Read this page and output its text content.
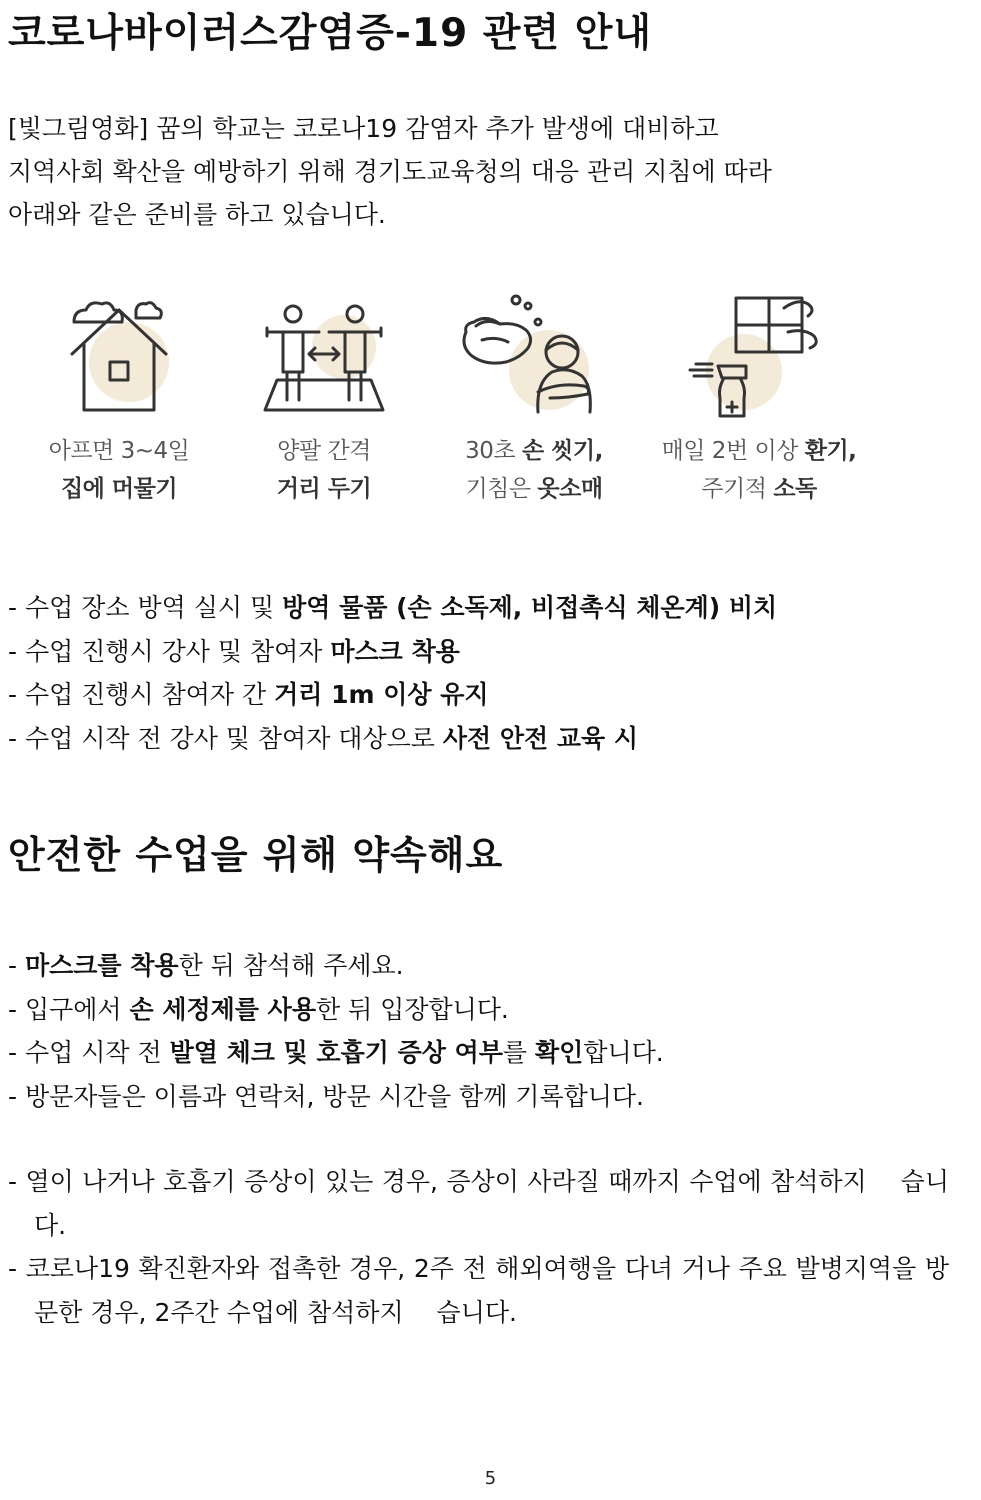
코로나바이러스감염증-19 관련 안내
[빛그림영화] 꿈의 학교는 코로나19 감염자 추가 발생에 대비하고
지역사회 확산을 예방하기 위해 경기도교육청의 대응 관리 지침에 따라
아래와 같은 준비를 하고 있습니다.
아프면 3~4일
집에 머물기
양팔 간격
거리 두기
30초 손 씻기,
기침은 옷소매
매일 2번 이상 환기,
주기적 소독
- 수업 장소 방역 실시 및 방역 물품 (손 소독제, 비접촉식 체온계) 비치
- 수업 진행시 강사 및 참여자 마스크 착용
- 수업 진행시 참여자 간 거리 1m 이상 유지
- 수업 시작 전 강사 및 참여자 대상으로 사전 안전 교육 시
안전한 수업을 위해 약속해요
- 마스크를 착용한 뒤 참석해 주세요.
- 입구에서 손 세정제를 사용한 뒤 입장합니다.
- 수업 시작 전 발열 체크 및 호흡기 증상 여부를 확인합니다.
- 방문자들은 이름과 연락처, 방문 시간을 함께 기록합니다.

- 열이 나거나 호흡기 증상이 있는 경우, 증상이 사라질 때까지 수업에 참석하지 　습니다.

- 코로나19 확진환자와 접촉한 경우, 2주 전 해외여행을 다녀 거나 주요 발병지역을 방문한 경우, 2주간 수업에 참석하지 　습니다.

5
